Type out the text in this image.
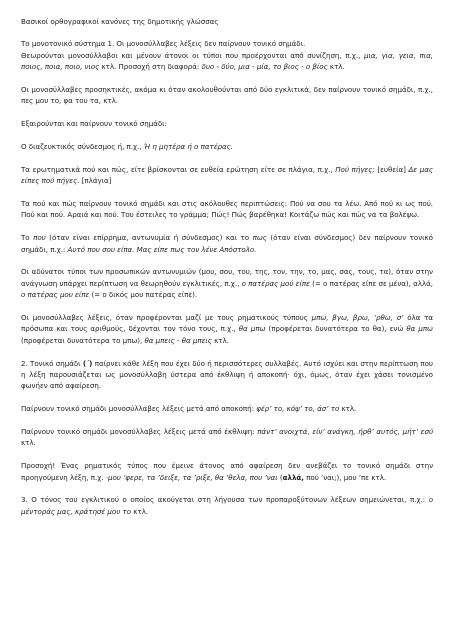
Βασικοί ορθογραφικοί κανόνες της δημοτικής γλώσσας

Το μονοτονικό σύστημα 1. Οι μονοσύλλαβες λέξεις δεν παίρνουν τονικό σημάδι.
Θεωρούνται μονοσύλλαβοι και μένουν άτονοι οι τύποι που προέρχονται από συνίζηση, π.χ., μια, για, γεια, πια, ποιος, ποια, ποιο, νιος κτλ. Προσοχή στη διαφορά: δυο - δύο, μια - μία, το βιος - ο βίος κτλ.

Οι μονοσύλλαβες προσηκτικές, ακόμα κι όταν ακολουθούνται από δύο εγκλιτικά, δεν παίρνουν τονικό σημάδι, π.χ., πες μου το, φα του τα, κτλ.

Εξαιρούνται και παίρνουν τονικό σημάδι:

Ο διαζευκτικός σύνδεσμος ή, π.χ., Ή η μητέρα ή ο πατέρας.

Τα ερωτηματικά πού και πώς, είτε βρίσκονται σε ευθεία ερώτηση είτε σε πλάγια, π.χ., Πού πήγες; [ευθεία] Δε μας είπες πού πήγες. [πλάγια]

Τα πού και πώς παίρνουν τονικό σημάδι και στις ακόλουθες περιπτώσεις: Πού να σου τα λέω. Από πού κι ως πού. Πού και πού. Αραιά και πού. Του έστειλες το γράμμα; Πώς! Πώς βαρέθηκα! Κοιτάζω πώς και πώς να τα βολέψω.

Το που (όταν είναι επίρρημα, αντωνυμία ή σύνδεσμος) και το πως (όταν είναι σύνδεσμος) δεν παίρνουν τονικό σημάδι, π.χ.: Αυτό που σου είπα. Μας είπε πως τον λένε Απόστολο.

Οι αδύνατοι τύποι των προσωπικών αντωνυμιών (μου, σου, του, της, τον, την, το, μας, σας, τους, τα), όταν στην ανάγνωση υπάρχει περίπτωση να θεωρηθούν εγκλιτικές, π.χ., ο πατέρας μού είπε (= ο πατέρας είπε σε μένα), αλλά, ο πατέρας μου είπε (= ο δικός μου πατέρας είπε).

Οι μονοσύλλαβες λέξεις, όταν προφέρονται μαζί με τους ρηματικούς τύπους μπω, βγω, βρω, ’ρθω, σ’ όλα τα πρόσωπα και τους αριθμούς, δέχονται τον τόνο τους, π.χ., θα μπω (προφέρεται δυνατότερα το θα), ενώ θα μπω (προφέρεται δυνατότερα το μπω), θα μπεις - θα μπεις κτλ.

2. Τονικό σημάδι (΄) παίρνει κάθε λέξη που έχει δύο ή περισσότερες συλλαβές. Αυτό ισχύει και στην περίπτωση που η λέξη παρουσιάζεται ως μονοσύλλαβη ύστερα από έκθλιψη ή αποκοπή· όχι, όμως, όταν έχει χάσει τονισμένο φωνήεν από αφαίρεση.

Παίρνουν τονικό σημάδι μονοσύλλαβες λέξεις μετά από αποκοπή: φέρ’ το, κόψ’ το, άσ’ το κτλ.

Παίρνουν τονικό σημάδι μονοσύλλαβες λέξεις μετά από έκθλιψη: πάντ’ ανοιχτά, είν’ ανάγκη, ήρθ’ αυτός, μήτ’ εσύ κτλ.

Προσοχή! Ένας ρηματικός τύπος που έμεινε άτονος από αφαίρεση δεν ανεβάζει το τονικό σημάδι στην προηγούμενη λέξη, π.χ. ·μου ’φερε, τα ’δειξε, τα ’ριξε, θα ’θελα, που ’ναι (αλλά, πού ’ναι;), μου ’πε κτλ.

3. Ο τόνος του εγκλιτικού ο οποίος ακούγεται στη λήγουσα των προπαροξύτονων λέξεων σημειώνεται, π.χ.: ο μέντοράς μας, κράτησέ μου το κτλ.
